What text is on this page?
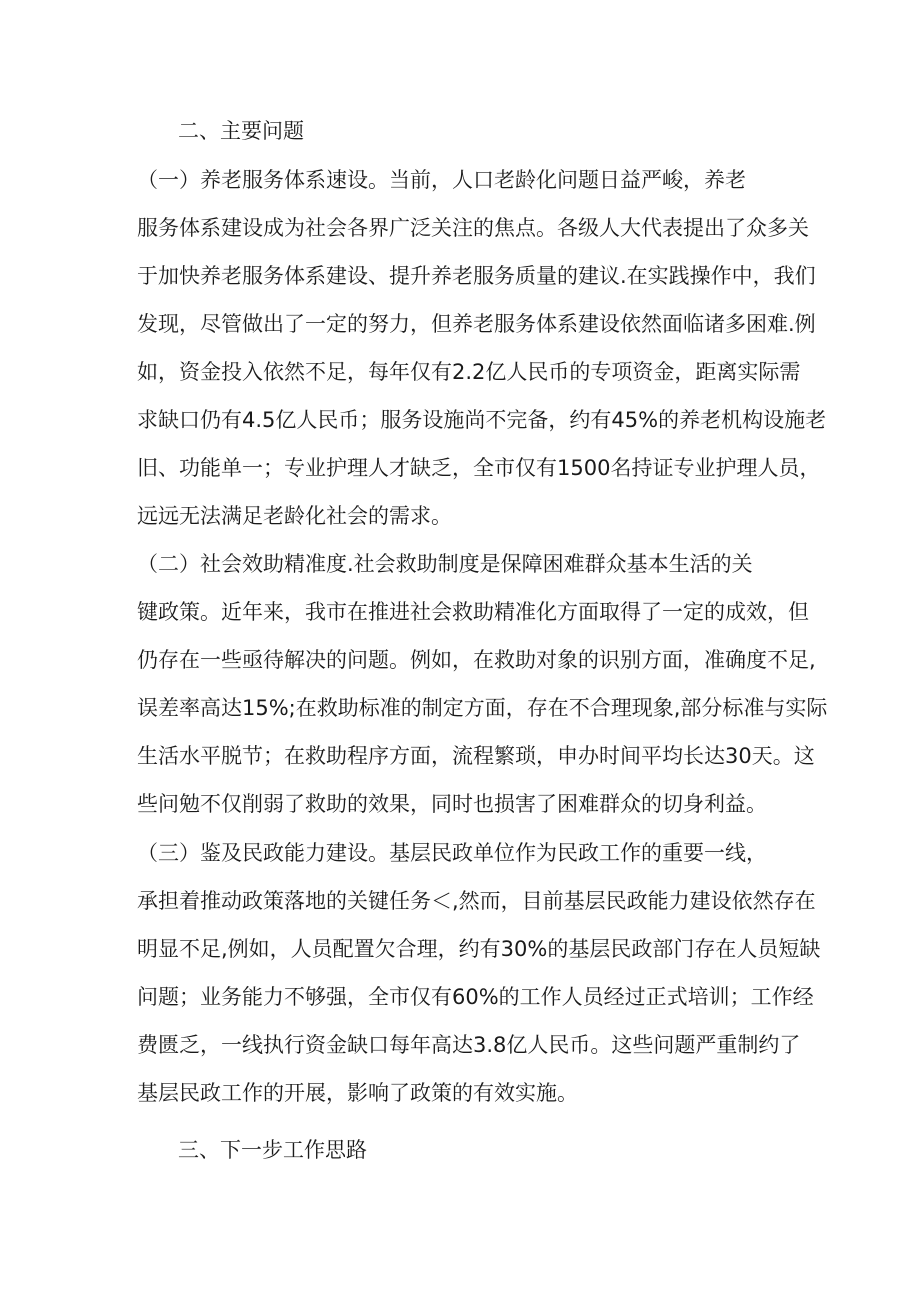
二、主要问题
（一）养老服务体系速设。当前，人口老龄化问题日益严峻，养老
服务体系建设成为社会各界广泛关注的焦点。各级人大代表提出了众多关
于加快养老服务体系建设、提升养老服务质量的建议.在实践操作中，我们
发现，尽管做出了一定的努力，但养老服务体系建设依然面临诸多困难.例
如，资金投入依然不足，每年仅有2.2亿人民币的专项资金，距离实际需
求缺口仍有4.5亿人民币；服务设施尚不完备，约有45%的养老机构设施老
旧、功能单一；专业护理人才缺乏，全市仅有1500名持证专业护理人员，
远远无法满足老龄化社会的需求。
（二）社会效助精准度.社会救助制度是保障困难群众基本生活的关
键政策。近年来，我市在推进社会救助精准化方面取得了一定的成效，但
仍存在一些亟待解决的问题。例如，在救助对象的识别方面，准确度不足,
误差率高达15%;在救助标准的制定方面，存在不合理现象,部分标准与实际
生活水平脱节；在救助程序方面，流程繁琐，申办时间平均长达30天。这
些问勉不仅削弱了救助的效果，同时也损害了困难群众的切身利益。
（三）鉴及民政能力建设。基层民政单位作为民政工作的重要一线，
承担着推动政策落地的关键任务＜,然而，目前基层民政能力建设依然存在
明显不足,例如，人员配置欠合理，约有30%的基层民政部门存在人员短缺
问题；业务能力不够强，全市仅有60%的工作人员经过正式培训；工作经
费匮乏，一线执行资金缺口每年高达3.8亿人民币。这些问题严重制约了
基层民政工作的开展，影响了政策的有效实施。
三、下一步工作思路
